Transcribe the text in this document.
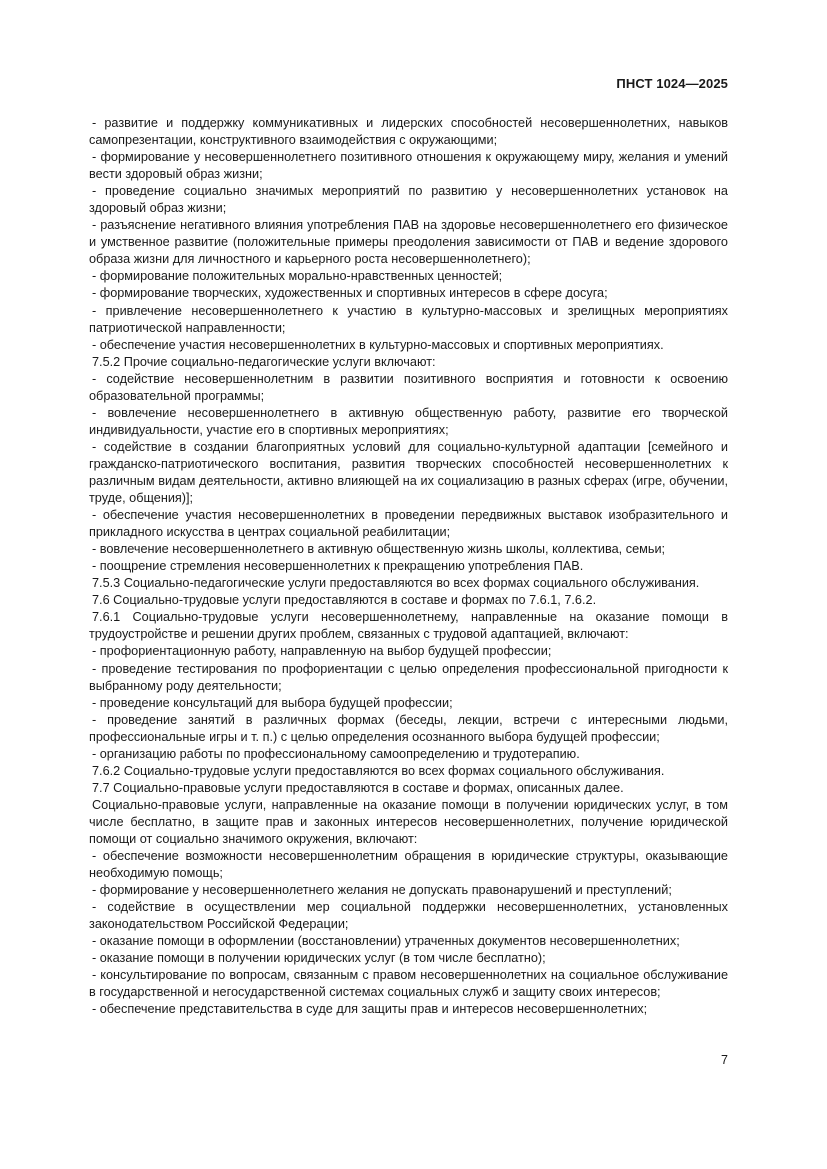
ПНСТ 1024—2025

- развитие и поддержку коммуникативных и лидерских способностей несовершеннолетних, навыков самопрезентации, конструктивного взаимодействия с окружающими;

- формирование у несовершеннолетнего позитивного отношения к окружающему миру, желания и умений вести здоровый образ жизни;

- проведение социально значимых мероприятий по развитию у несовершеннолетних установок на здоровый образ жизни;

- разъяснение негативного влияния употребления ПАВ на здоровье несовершеннолетнего его физическое и умственное развитие (положительные примеры преодоления зависимости от ПАВ и ведение здорового образа жизни для личностного и карьерного роста несовершеннолетнего);

- формирование положительных морально-нравственных ценностей;

- формирование творческих, художественных и спортивных интересов в сфере досуга;

- привлечение несовершеннолетнего к участию в культурно-массовых и зрелищных мероприятиях патриотической направленности;

- обеспечение участия несовершеннолетних в культурно-массовых и спортивных мероприятиях.

7.5.2 Прочие социально-педагогические услуги включают:

- содействие несовершеннолетним в развитии позитивного восприятия и готовности к освоению образовательной программы;

- вовлечение несовершеннолетнего в активную общественную работу, развитие его творческой индивидуальности, участие его в спортивных мероприятиях;

- содействие в создании благоприятных условий для социально-культурной адаптации [семейного и гражданско-патриотического воспитания, развития творческих способностей несовершеннолетних к различным видам деятельности, активно влияющей на их социализацию в разных сферах (игре, обучении, труде, общения)];

- обеспечение участия несовершеннолетних в проведении передвижных выставок изобразительного и прикладного искусства в центрах социальной реабилитации;

- вовлечение несовершеннолетнего в активную общественную жизнь школы, коллектива, семьи;

- поощрение стремления несовершеннолетних к прекращению употребления ПАВ.

7.5.3 Социально-педагогические услуги предоставляются во всех формах социального обслуживания.

7.6 Социально-трудовые услуги предоставляются в составе и формах по 7.6.1, 7.6.2.

7.6.1 Социально-трудовые услуги несовершеннолетнему, направленные на оказание помощи в трудоустройстве и решении других проблем, связанных с трудовой адаптацией, включают:

- профориентационную работу, направленную на выбор будущей профессии;

- проведение тестирования по профориентации с целью определения профессиональной пригодности к выбранному роду деятельности;

- проведение консультаций для выбора будущей профессии;

- проведение занятий в различных формах (беседы, лекции, встречи с интересными людьми, профессиональные игры и т. п.) с целью определения осознанного выбора будущей профессии;

- организацию работы по профессиональному самоопределению и трудотерапию.

7.6.2 Социально-трудовые услуги предоставляются во всех формах социального обслуживания.

7.7 Социально-правовые услуги предоставляются в составе и формах, описанных далее.

Социально-правовые услуги, направленные на оказание помощи в получении юридических услуг, в том числе бесплатно, в защите прав и законных интересов несовершеннолетних, получение юридической помощи от социально значимого окружения, включают:

- обеспечение возможности несовершеннолетним обращения в юридические структуры, оказывающие необходимую помощь;

- формирование у несовершеннолетнего желания не допускать правонарушений и преступлений;

- содействие в осуществлении мер социальной поддержки несовершеннолетних, установленных законодательством Российской Федерации;

- оказание помощи в оформлении (восстановлении) утраченных документов несовершеннолетних;

- оказание помощи в получении юридических услуг (в том числе бесплатно);

- консультирование по вопросам, связанным с правом несовершеннолетних на социальное обслуживание в государственной и негосударственной системах социальных служб и защиту своих интересов;

- обеспечение представительства в суде для защиты прав и интересов несовершеннолетних;

7
